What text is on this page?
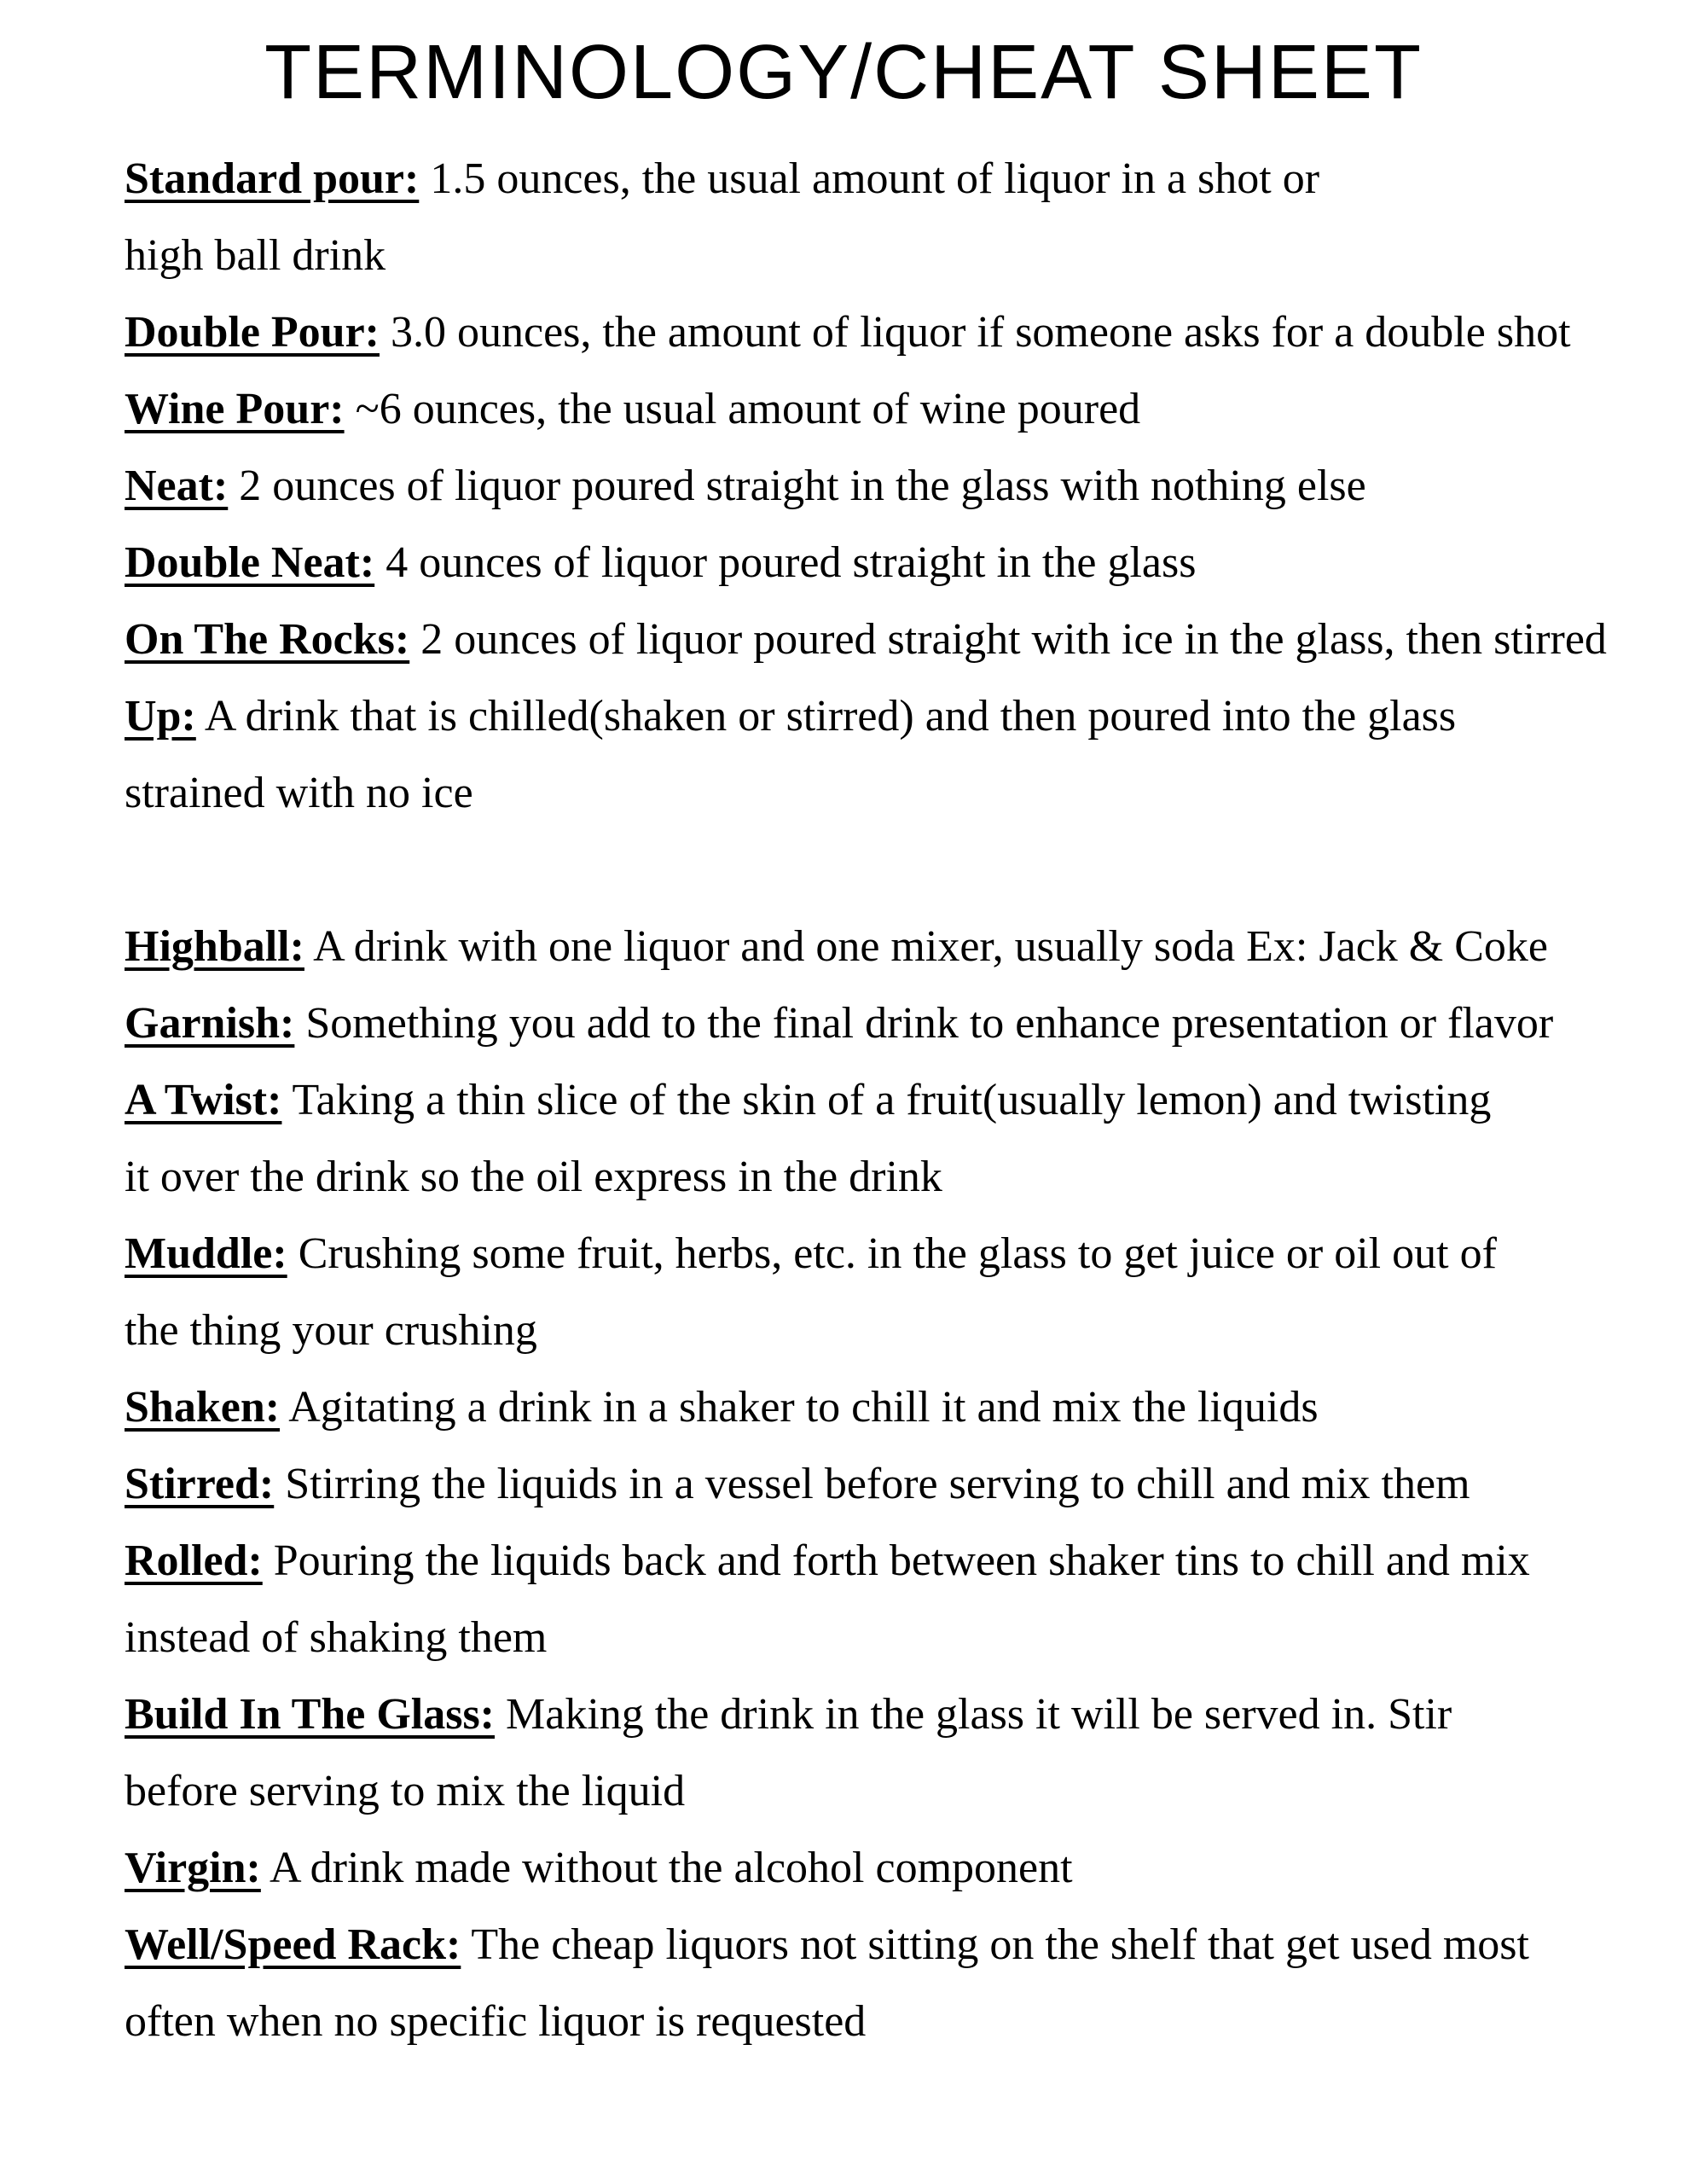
TERMINOLOGY/CHEAT SHEET
Standard pour: 1.5 ounces, the usual amount of liquor in a shot or
high ball drink
Double Pour: 3.0 ounces, the amount of liquor if someone asks for a double shot
Wine Pour: ~6 ounces, the usual amount of wine poured
Neat: 2 ounces of liquor poured straight in the glass with nothing else
Double Neat: 4 ounces of liquor poured straight in the glass
On The Rocks: 2 ounces of liquor poured straight with ice in the glass, then stirred
Up: A drink that is chilled(shaken or stirred) and then poured into the glass
strained with no ice
Highball: A drink with one liquor and one mixer, usually soda Ex: Jack & Coke
Garnish: Something you add to the final drink to enhance presentation or flavor
A Twist: Taking a thin slice of the skin of a fruit(usually lemon) and twisting
it over the drink so the oil express in the drink
Muddle: Crushing some fruit, herbs, etc. in the glass to get juice or oil out of
the thing your crushing
Shaken: Agitating a drink in a shaker to chill it and mix the liquids
Stirred: Stirring the liquids in a vessel before serving to chill and mix them
Rolled: Pouring the liquids back and forth between shaker tins to chill and mix
instead of shaking them
Build In The Glass: Making the drink in the glass it will be served in. Stir
before serving to mix the liquid
Virgin: A drink made without the alcohol component
Well/Speed Rack: The cheap liquors not sitting on the shelf that get used most
often when no specific liquor is requested
